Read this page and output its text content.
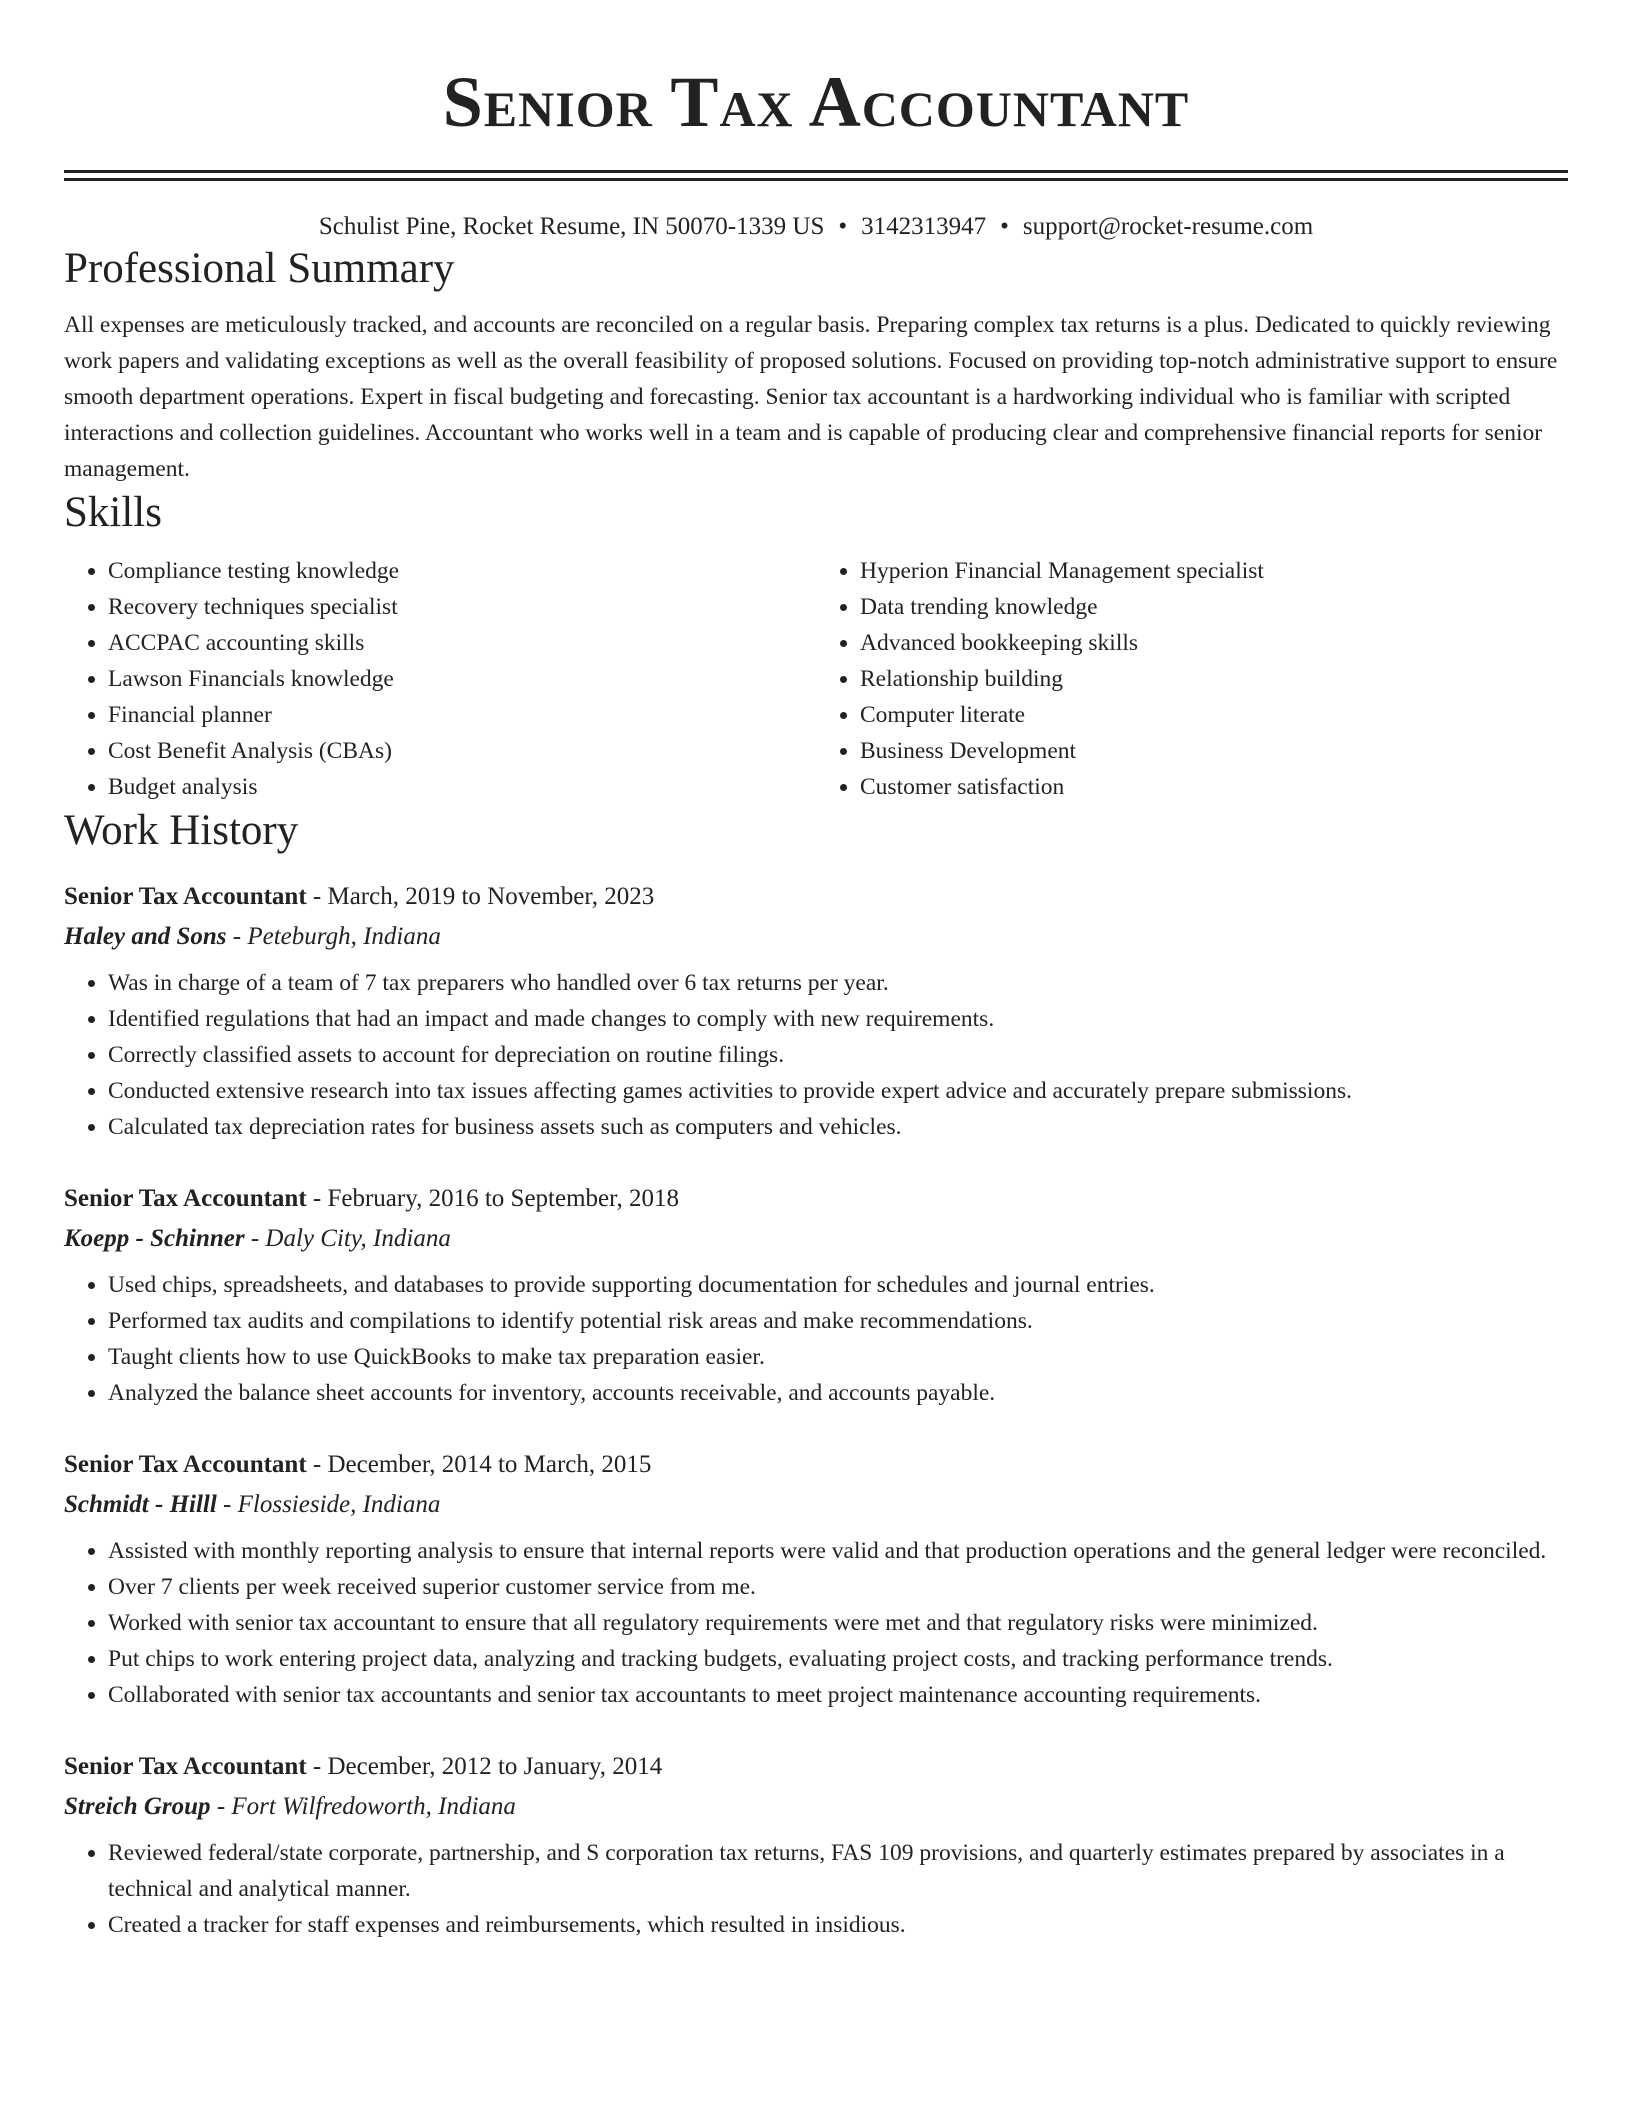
Senior Tax Accountant
Schulist Pine, Rocket Resume, IN 50070-1339 US • 3142313947 • support@rocket-resume.com
Professional Summary

All expenses are meticulously tracked, and accounts are reconciled on a regular basis. Preparing complex tax returns is a plus. Dedicated to quickly reviewing work papers and validating exceptions as well as the overall feasibility of proposed solutions. Focused on providing top-notch administrative support to ensure smooth department operations. Expert in fiscal budgeting and forecasting. Senior tax accountant is a hardworking individual who is familiar with scripted interactions and collection guidelines. Accountant who works well in a team and is capable of producing clear and comprehensive financial reports for senior management.

Skills
• Compliance testing knowledge
• Recovery techniques specialist
• ACCPAC accounting skills
• Lawson Financials knowledge
• Financial planner
• Cost Benefit Analysis (CBAs)
• Budget analysis
• Hyperion Financial Management specialist
• Data trending knowledge
• Advanced bookkeeping skills
• Relationship building
• Computer literate
• Business Development
• Customer satisfaction
Work History
Senior Tax Accountant - March, 2019 to November, 2023
Haley and Sons - Peteburgh, Indiana
• Was in charge of a team of 7 tax preparers who handled over 6 tax returns per year.
• Identified regulations that had an impact and made changes to comply with new requirements.
• Correctly classified assets to account for depreciation on routine filings.
• Conducted extensive research into tax issues affecting games activities to provide expert advice and accurately prepare submissions.
• Calculated tax depreciation rates for business assets such as computers and vehicles.
Senior Tax Accountant - February, 2016 to September, 2018
Koepp - Schinner - Daly City, Indiana
• Used chips, spreadsheets, and databases to provide supporting documentation for schedules and journal entries.
• Performed tax audits and compilations to identify potential risk areas and make recommendations.
• Taught clients how to use QuickBooks to make tax preparation easier.
• Analyzed the balance sheet accounts for inventory, accounts receivable, and accounts payable.
Senior Tax Accountant - December, 2014 to March, 2015
Schmidt - Hilll - Flossieside, Indiana
• Assisted with monthly reporting analysis to ensure that internal reports were valid and that production operations and the general ledger were reconciled.
• Over 7 clients per week received superior customer service from me.
• Worked with senior tax accountant to ensure that all regulatory requirements were met and that regulatory risks were minimized.
• Put chips to work entering project data, analyzing and tracking budgets, evaluating project costs, and tracking performance trends.
• Collaborated with senior tax accountants and senior tax accountants to meet project maintenance accounting requirements.
Senior Tax Accountant - December, 2012 to January, 2014
Streich Group - Fort Wilfredoworth, Indiana
• Reviewed federal/state corporate, partnership, and S corporation tax returns, FAS 109 provisions, and quarterly estimates prepared by associates in a technical and analytical manner.
• Created a tracker for staff expenses and reimbursements, which resulted in insidious.
